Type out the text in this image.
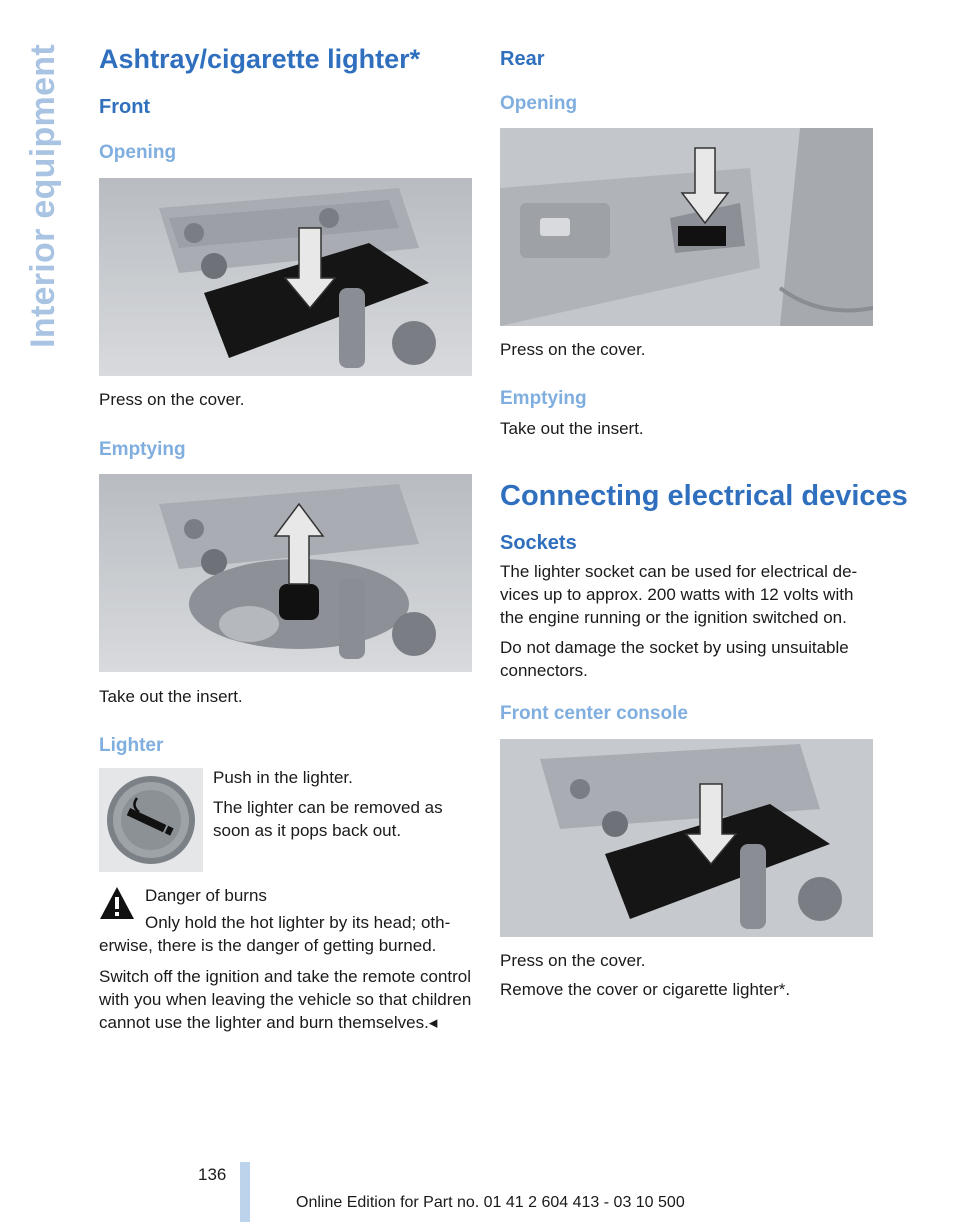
Interior equipment Ashtray/cigarette lighter*
Front
Opening

Press on the cover.

Emptying

Take out the insert.

Lighter

Push in the lighter.

The lighter can be removed as soon as it pops back out.

Danger of burns

Only hold the hot lighter by its head; otherwise, there is the danger of getting burned.

Switch off the ignition and take the remote control with you when leaving the vehicle so that children cannot use the lighter and burn themselves.◂

Rear
Opening

Press on the cover.

Emptying

Take out the insert.

Connecting electrical devices
Sockets

The lighter socket can be used for electrical devices up to approx. 200 watts with 12 volts with the engine running or the ignition switched on.

Do not damage the socket by using unsuitable connectors.

Front center console

Press on the cover.

Remove the cover or cigarette lighter*.

136
Online Edition for Part no. 01 41 2 604 413 - 03 10 500
